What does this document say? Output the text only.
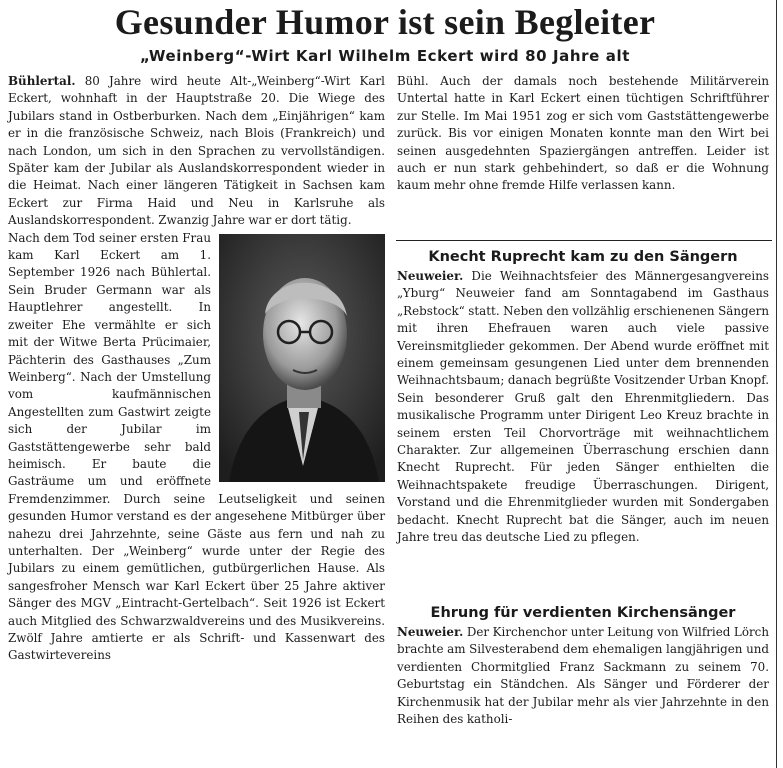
Gesunder Humor ist sein Begleiter
„Weinberg“-Wirt Karl Wilhelm Eckert wird 80 Jahre alt

Bühlertal. 80 Jahre wird heute Alt-„Weinberg“-Wirt Karl Eckert, wohnhaft in der Hauptstraße 20. Die Wiege des Jubilars stand in Ostberburken. Nach dem „Einjährigen“ kam er in die französische Schweiz, nach Blois (Frankreich) und nach London, um sich in den Sprachen zu vervollständigen. Später kam der Jubilar als Auslandskorrespondent wieder in die Heimat. Nach einer längeren Tätigkeit in Sachsen kam Eckert zur Firma Haid und Neu in Karlsruhe als Auslandskorrespondent. Zwanzig Jahre war er dort tätig.

Nach dem Tod seiner ersten Frau kam Karl Eckert am 1. September 1926 nach Bühlertal. Sein Bruder Germann war als Hauptlehrer angestellt. In zweiter Ehe vermählte er sich mit der Witwe Berta Prücimaier, Pächterin des Gasthauses „Zum Weinberg“. Nach der Umstellung vom kaufmännischen Angestellten zum Gastwirt zeigte sich der Jubilar im Gaststättengewerbe sehr bald heimisch. Er baute die Gasträume um und eröffnete Fremdenzimmer. Durch seine Leutseligkeit und seinen gesunden Humor verstand es der angesehene Mitbürger über nahezu drei Jahrzehnte, seine Gäste aus fern und nah zu unterhalten. Der „Weinberg“ wurde unter der Regie des Jubilars zu einem gemütlichen, gutbürgerlichen Hause. Als sangesfroher Mensch war Karl Eckert über 25 Jahre aktiver Sänger des MGV „Eintracht-Gertelbach“. Seit 1926 ist Eckert auch Mitglied des Schwarzwaldvereins und des Musikvereins. Zwölf Jahre amtierte er als Schrift- und Kassenwart des Gastwirtevereins

Bühl. Auch der damals noch bestehende Militärverein Untertal hatte in Karl Eckert einen tüchtigen Schriftführer zur Stelle. Im Mai 1951 zog er sich vom Gaststättengewerbe zurück. Bis vor einigen Monaten konnte man den Wirt bei seinen ausgedehnten Spaziergängen antreffen. Leider ist auch er nun stark gehbehindert, so daß er die Wohnung kaum mehr ohne fremde Hilfe verlassen kann.

Knecht Ruprecht kam zu den Sängern

Neuweier. Die Weihnachtsfeier des Männergesangvereins „Yburg“ Neuweier fand am Sonntagabend im Gasthaus „Rebstock“ statt. Neben den vollzählig erschienenen Sängern mit ihren Ehefrauen waren auch viele passive Vereinsmitglieder gekommen. Der Abend wurde eröffnet mit einem gemeinsam gesungenen Lied unter dem brennenden Weihnachtsbaum; danach begrüßte Vositzender Urban Knopf. Sein besonderer Gruß galt den Ehrenmitgliedern. Das musikalische Programm unter Dirigent Leo Kreuz brachte in seinem ersten Teil Chorvorträge mit weihnachtlichem Charakter. Zur allgemeinen Überraschung erschien dann Knecht Ruprecht. Für jeden Sänger enthielten die Weihnachtspakete freudige Überraschungen. Dirigent, Vorstand und die Ehrenmitglieder wurden mit Sondergaben bedacht. Knecht Ruprecht bat die Sänger, auch im neuen Jahre treu das deutsche Lied zu pflegen.

Ehrung für verdienten Kirchensänger

Neuweier. Der Kirchenchor unter Leitung von Wilfried Lörch brachte am Silvesterabend dem ehemaligen langjährigen und verdienten Chormitglied Franz Sackmann zu seinem 70. Geburtstag ein Ständchen. Als Sänger und Förderer der Kirchenmusik hat der Jubilar mehr als vier Jahrzehnte in den Reihen des katholi-
